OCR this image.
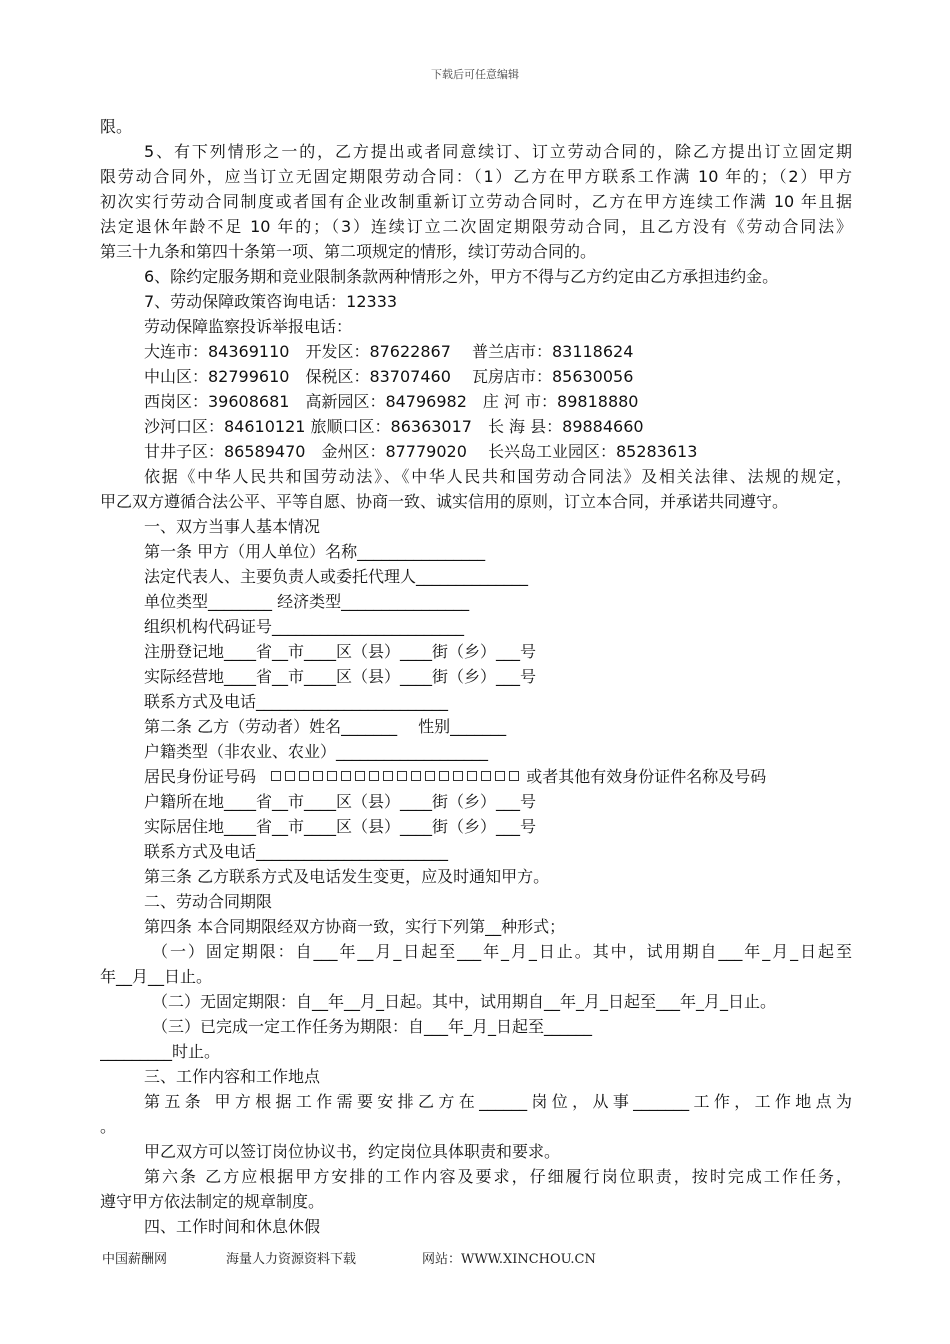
下载后可任意编辑
限。
5、有下列情形之一的，乙方提出或者同意续订、订立劳动合同的，除乙方提出订立固定期
限劳动合同外，应当订立无固定期限劳动合同：（1）乙方在甲方联系工作满 10 年的；（2）甲方
初次实行劳动合同制度或者国有企业改制重新订立劳动合同时，乙方在甲方连续工作满 10 年且据
法定退休年龄不足 10 年的；（3）连续订立二次固定期限劳动合同，且乙方没有《劳动合同法》
第三十九条和第四十条第一项、第二项规定的情形，续订劳动合同的。
6、除约定服务期和竞业限制条款两种情形之外，甲方不得与乙方约定由乙方承担违约金。
7、劳动保障政策咨询电话：12333
劳动保障监察投诉举报电话：
大连市：84369110　开发区：87622867　 普兰店市：83118624
中山区：82799610　保税区：83707460　 瓦房店市：85630056
西岗区：39608681　高新园区：84796982　庄 河 市：89818880
沙河口区：84610121 旅顺口区：86363017　长 海 县：89884660
甘井子区：86589470　金州区：87779020　 长兴岛工业园区：85283613
依据《中华人民共和国劳动法》、《中华人民共和国劳动合同法》及相关法律、法规的规定，
甲乙双方遵循合法公平、平等自愿、协商一致、诚实信用的原则，订立本合同，并承诺共同遵守。
一、双方当事人基本情况
第一条 甲方（用人单位）名称________________
法定代表人、主要负责人或委托代理人______________
单位类型________ 经济类型________________
组织机构代码证号________________________
注册登记地____省__市____区（县）____街（乡）___号
实际经营地____省__市____区（县）____街（乡）___号
联系方式及电话________________________
第二条 乙方（劳动者）姓名_______　 性别_______
户籍类型（非农业、农业）___________________
居民身份证号码	或者其他有效身份证件名称及号码
户籍所在地____省__市____区（县）____街（乡）___号
实际居住地____省__市____区（县）____街（乡）___号
联系方式及电话________________________
第三条 乙方联系方式及电话发生变更，应及时通知甲方。
二、劳动合同期限
第四条 本合同期限经双方协商一致，实行下列第__种形式；
（一）固定期限：自___年__月_日起至___年_月_日止。其中，试用期自___年_月_日起至
年__月__日止。
（二）无固定期限：自__年__月_日起。其中，试用期自__年_月_日起至___年_月_日止。
（三）已完成一定工作任务为期限：自___年_月_日起至______
_________时止。
三、工作内容和工作地点
第五条 甲方根据工作需要安排乙方在______岗位，从事_______工作，工作地点为
。
甲乙双方可以签订岗位协议书，约定岗位具体职责和要求。
第六条 乙方应根据甲方安排的工作内容及要求，仔细履行岗位职责，按时完成工作任务，
遵守甲方依法制定的规章制度。
四、工作时间和休息休假
中国薪酬网	海量人力资源资料下载	网站：WWW.XINCHOU.CN
